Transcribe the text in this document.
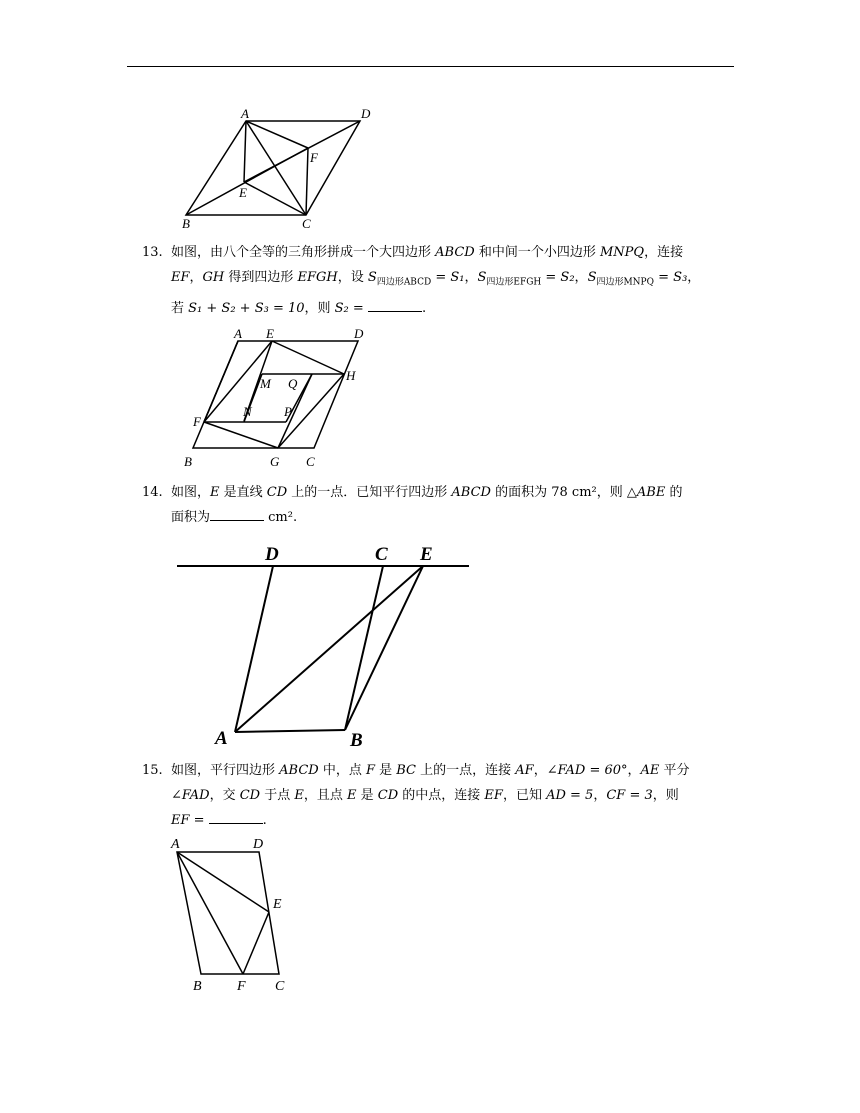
A	D
F
E
B	C
13. 如图，由八个全等的三角形拼成一个大四边形 ABCD 和中间一个小四边形 MNPQ，连接
EF，GH 得到四边形 EFGH，设 $S_{四边形ABCD} = S_1$，$S_{四边形EFGH} = S_2$，$S_{四边形MNPQ} = S_3$，
若 S₁ + S₂ + S₃ = 10，则 S₂ =	.
A E	D
M Q
H
N P
F
B	G C
14. 如图，E 是直线 CD 上的一点．已知平行四边形 ABCD 的面积为 78 cm²，则 △ABE 的
面积为	cm².
D	C E
A	B
15. 如图，平行四边形 ABCD 中，点 F 是 BC 上的一点，连接 AF，∠FAD = 60°，AE 平分
∠FAD，交 CD 于点 E，且点 E 是 CD 的中点，连接 EF，已知 AD = 5，CF = 3，则
EF =	.
A	D
E
B	F C
